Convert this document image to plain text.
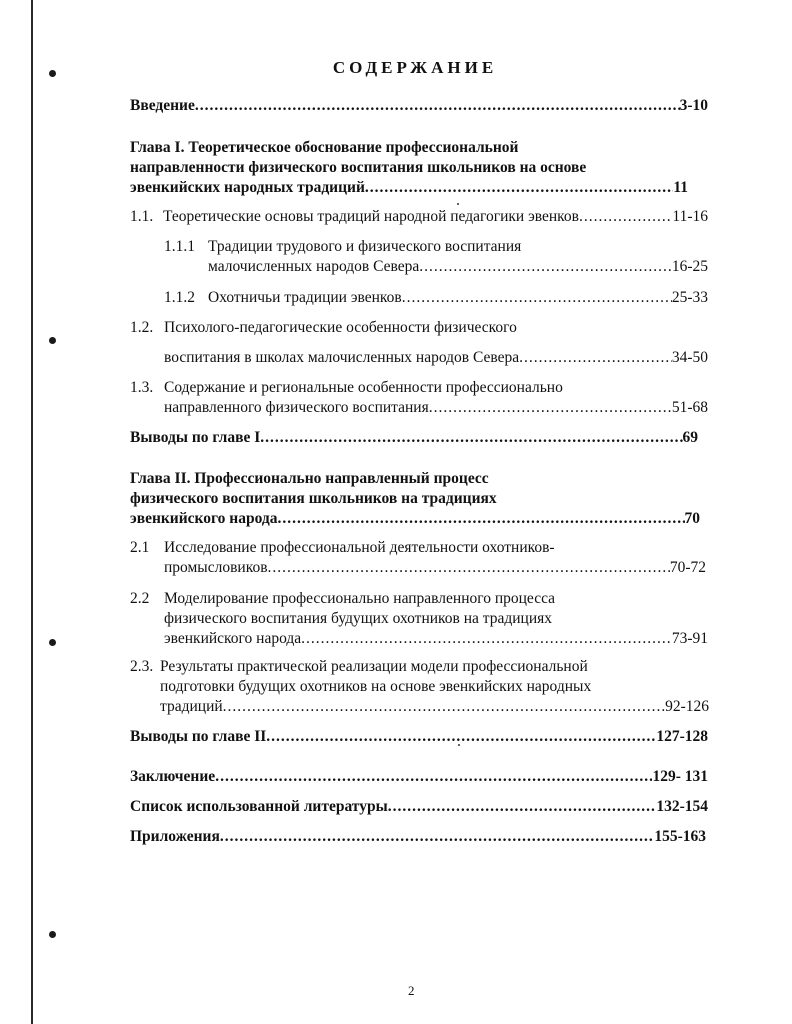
СОДЕРЖАНИЕ
Введение .....	3-10
Глава I. Теоретическое обоснование профессиональной
направленности физического воспитания школьников на основе
эвенкийских народных традиций .....	11
1.1. Теоретические основы традиций народной педагогики эвенков .....	11-16
1.1.1 Традиции трудового и физического воспитания
малочисленных народов Севера .....	16-25
1.1.2 Охотничьи традиции эвенков .....	25-33
1.2. Психолого-педагогические особенности физического
воспитания в школах малочисленных народов Севера .....	34-50
1.3. Содержание и региональные особенности профессионально
направленного физического воспитания .....	51-68
Выводы по главе I .....	69
Глава II. Профессионально направленный процесс
физического воспитания школьников на традициях
эвенкийского народа .....	70
2.1 Исследование профессиональной деятельности охотников-
промысловиков .....	70-72
2.2 Моделирование профессионально направленного процесса
физического воспитания будущих охотников на традициях
эвенкийского народа .....	73-91
2.3. Результаты практической реализации модели профессиональной
подготовки будущих охотников на основе эвенкийских народных
традиций .....	92-126
Выводы по главе II .....	127-128
Заключение .....	129- 131
Список использованной литературы .....	132-154
Приложения .....	155-163
2
